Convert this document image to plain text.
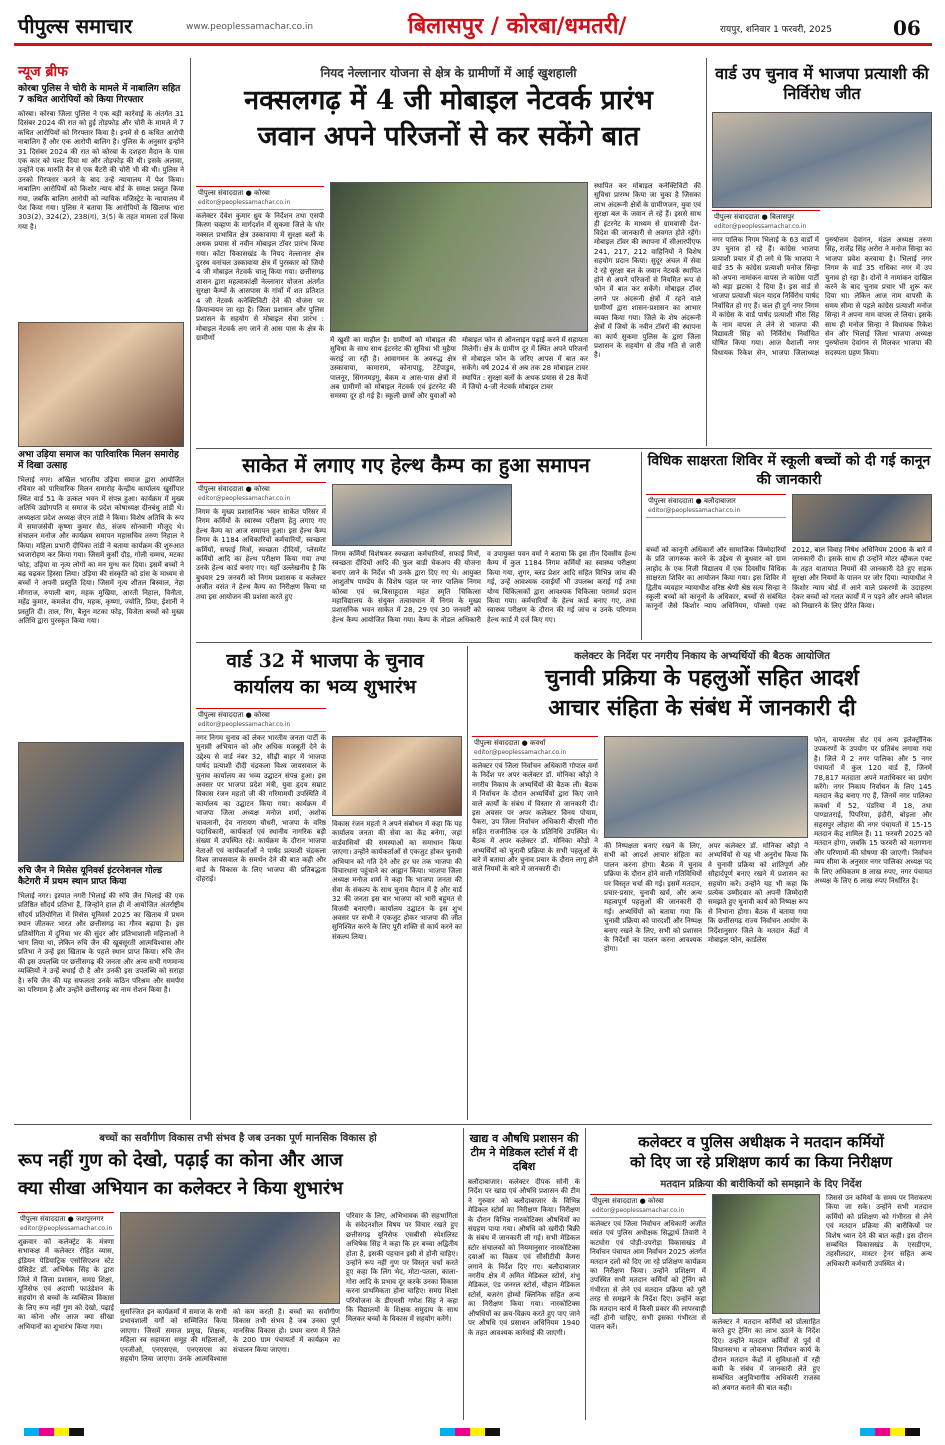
पीपुल्स समाचार	www.peoplessamachar.co.in	बिलासपुर / कोरबा/धमतरी/	रायपुर, शनिवार 1 फरवरी, 2025	06
न्यूज ब्रीफ
कोरबा पुलिस ने चोरी के मामले में नाबालिग सहित 7 कथित आरोपियों को किया गिरफ्तार
कोरबा। कोरबा जिला पुलिस ने एक बड़ी कार्रवाई के अंतर्गत 31 दिसंबर 2024 की रात को हुई तोड़फोड़ और चोरी के मामले में 7 कथित आरोपियों को गिरफ्तार किया है। इनमें से 6 कथित आरोपी नाबालिग हैं और एक आरोपी बालिग है। पुलिस के अनुसार इन्होंने 31 दिसंबर 2024 की रात को कोरबा के दशहरा मैदान के पास एक कार को पलट दिया था और तोड़फोड़ की थी। इसके अलावा, उन्होंने एक मारुति वैन से एक बैटरी की चोरी भी की थी। पुलिस ने उनको गिरफ्तार करने के बाद उन्हें न्यायालय में पेश किया। नाबालिग आरोपियों को किशोर न्याय बोर्ड के समक्ष प्रस्तुत किया गया, जबकि बालिग आरोपी को न्यायिक मजिस्ट्रेट के न्यायालय में पेश किया गया। पुलिस ने बताया कि आरोपियों के खिलाफ धारा 303(2), 324(2), 238(ग), 3(5) के तहत मामला दर्ज किया गया है।
अभा उड़िया समाज का पारिवारिक मिलन समारोह में दिखा उत्साह
भिलाई नगर। अखिल भारतीय उड़िया समाज द्वारा आयोजित रविवार को पारिवारिक मिलन समारोह केन्द्रीय कार्यालय खुर्सीपार स्थित वार्ड 51 के उत्कल भवन में संपन्न हुआ। कार्यक्रम में मुख्य अतिथि उद्योगपति व समाज के प्रदेश कोषाध्यक्ष दीनबंधु तांडी थे। अध्यक्षता प्रदेश अध्यक्ष जेएन तांडी ने किया। विशेष अतिथि के रूप में समाजसेवी कृष्णा कुमार सेठ, संजय सोनवानी मौजूद थे। संचालन मनोज और कार्यक्रम समापन महासचिव तरुण निहाल ने किया। महिला प्रभारी दीपिका तांडी ने बताया कार्यक्रम की शुरुआत ध्वजारोहण कर किया गया। जिसमें कुर्सी दौड़, गोली चम्मच, मटका फोड़, उड़िया वा नृत्य लोगों का मन मुग्ध कर दिया। इसमें बच्चों ने बढ़ चढ़कर हिस्सा लिया। उड़िया की संस्कृति को डांस के माध्यम से बच्चों ने अपनी प्रस्तुति दिया। जिसमें नृत्य शीतल बिस्वाल, नेहा मोंगराज, रुपाली बाग, महक मुखिया, आरती निहाल, विनीता, महेंद्र कुमार, कमलेश दीप, महक, कृष्णा, ज्योति, प्रिया, ईशानी ने प्रस्तुति दी। ताल, रिंग, बैलून मटका फोड़, विजेता बच्चों को मुख्य अतिथि द्वारा पुरस्कृत किया गया।
रुचि जैन ने मिसेस यूनिवर्स इंटरनेशनल गोल्ड कैटेगरी में प्रथम स्थान प्राप्त किया
भिलाई नगर। इस्पात नगरी भिलाई की रुचि जैन भिलाई की एक प्रतिष्ठित सौंदर्य प्रतिभा हैं, जिन्होंने हाल ही में आयोजित अंतर्राष्ट्रीय सौंदर्य प्रतियोगिता में मिसेस यूनिवर्स 2025 का खिताब में प्रथम स्थान जीतकर भारत और छत्तीसगढ़ का गौरव बढ़ाया है। इस प्रतियोगिता में दुनिया भर की सुंदर और प्रतिभाशाली महिलाओं ने भाग लिया था, लेकिन रुचि जैन की खूबसूरती आत्मविश्वास और प्रतिभा ने उन्हें इस खिताब के पहले स्थान प्राप्त किया। रुचि जैन की इस उपलब्धि पर छत्तीसगढ़ की जनता और अन्य सभी गणमान्य व्यक्तियों ने उन्हें बधाई दी है और उनकी इस उपलब्धि को सराहा है। रुचि जैन की यह सफलता उनके कठिन परिश्रम और समर्पण का परिणाम है और उन्होंने छत्तीसगढ़ का नाम रोशन किया है।
नियद नेल्लानार योजना से क्षेत्र के ग्रामीणों में आई खुशहाली
नक्सलगढ़ में 4 जी मोबाइल नेटवर्क प्रारंभ
जवान अपने परिजनों से कर सकेंगे बात
पीपुल्स संवाददाता ● कोरबा
editor@peoplessamachar.co.in
कलेक्टर देवेश कुमार ध्रुव के निर्देशन तथा एसपी किरण चव्हाण के मार्गदर्शन में सुकमा जिले के घोर नक्सल प्रभावित क्षेत्र उस्कावाया में सुरक्षा बलों के अथक प्रयास से नवीन मोबाइल टॉवर प्रारंभ किया गया। कोंटा विकासखंड के नियद नेल्लानार क्षेत्र दुरस्थ वनांचल उस्कावाया क्षेत्र में पुरस्कार को जियो 4 जी मोबाइल नेटवर्क चालू किया गया। छत्तीसगढ़ शासन द्वारा महत्वाकांक्षी नेल्लानार योजना अंतर्गत सुरक्षा कैम्पों के आसपास के गांवों में शत प्रतिशत 4 जी नेटवर्क कनेक्टिविटी देने की योजना पर क्रियान्वयन जा रहा है। जिला प्रशासन और पुलिस प्रशासन के सहयोग से मोबाइल सेवा प्रारंभ : मोबाइल नेटवर्क लग जाने से आस पास के क्षेत्र के ग्रामीणों	में खुशी का माहौल है। ग्रामीणों को मोबाइल की सुविधा के साथ साथ इंटरनेट की सुविधा भी मुहैया कराई जा रही है। आवागमन के अवरुद्ध क्षेत्र उस्कावाया, कामाराम, कोनापाडु, टेटेंपाडुम, पालनूर, सिंगनमड़गु, बेकम व आस-पास क्षेत्रों में अब ग्रामीणों को मोबाइल नेटवर्क एवं इंटरनेट की समस्या दूर हो गई है। स्कूली छात्रों और युवाओं को मोबाइल फोन से ऑनलाइन पढ़ाई करने में सहायता मिलेगी। क्षेत्र के ग्रामीण दूर में स्थित अपने परिजनों से मोबाइल फोन के जरिए आपस में बात कर सकेंगे। वर्ष 2024 से अब तक 28 मोबाइल टावर स्थापित : सुरक्षा बलों के अथक प्रयास से 28 कैंपों में जियो 4-जी नेटवर्क मोबाइल टावर
स्थापित कर मोबाइल कनेक्टिविटी की सुविधा प्रारम्भ किया जा चुका है जिसका लाभ अंदरूनी क्षेत्रों के ग्रामीणजन, युवा एवं सुरक्षा बल के जवान ले रहे हैं। इससे साथ ही इंटरनेट के माध्यम से ग्रामवासी देश-विदेश की जानकारी से अवगत होते रहेंगे। मोबाइल टॉवर की स्थापना में सीआरपीएफ 241, 217, 212 वाहिनियों ने विशेष सहयोग प्रदान किया। सुदूर अंचल में सेवा दे रहे सुरक्षा बल के जवान नेटवर्क स्थापित होने से अपने परिजनों से नियमित रूप से फोन में बात कर सकेंगे। मोबाइल टॉवर लगने पर अंदरूनी क्षेत्रों में रहने वाले ग्रामीणों द्वारा शासन-प्रशासन का आभार व्यक्त किया गया। जिले के शेष अंदरूनी क्षेत्रों में जियो के नवीन टॉवरों की स्थापना का कार्य सुकमा पुलिस के द्वारा जिला प्रशासन के सहयोग से तीव्र गति से जारी है।
वार्ड उप चुनाव में भाजपा प्रत्याशी की निर्विरोध जीत
पीपुल्स संवाददाता ● बिलासपुर
editor@peoplessamachar.co.in
नगर पालिक निगम भिलाई के 63 वार्डों में उप चुनाव हो रहे हैं। कांग्रेस भाजपा प्रत्याशी प्रचार में ही लगे थे कि भाजपा ने वार्ड 35 के कांग्रेस प्रत्याशी मनोज सिन्हा को अपना नामांकन वापस ले कांग्रेस पार्टी को बड़ा झटका दे दिया है। इस वार्ड से भाजपा प्रत्याशी चंदन यादव निर्विरोध पार्षद निर्वाचित हो गए हैं। कल ही दुर्ग नगर निगम में कांग्रेस के वार्ड पार्षद प्रत्याशी मीरा सिंह के नाम वापस ले लेने से भाजपा की विद्यावती सिंह को निर्विरोध निर्वाचित घोषित किया गया। आज वैशाली नगर विधायक रिकेश सेन, भाजपा जिलाध्यक्ष पुरुषोत्तम देवांगन, मंडल अध्यक्ष तरुण सिंह, राजेंद्र सिंह अरोरा ने मनोज सिन्हा का भाजपा प्रवेश करवाया है। भिलाई नगर निगम के वार्ड 35 राधिका नगर में उप चुनाव हो रहा है। दोनों ने नामांकन दाखिल करने के बाद चुनाव प्रचार भी शुरू कर दिया था। लेकिन आज नाम वापसी के समय सीमा से पहले कांग्रेस प्रत्याशी मनोज सिन्हा ने अपना नाम वापस ले लिया। इसके साथ ही मनोज सिन्हा ने विधायक रिकेश सेन और भिलाई जिला भाजपा अध्यक्ष पुरुषोत्तम देवांगन से मिलकर भाजपा की सदस्यता ग्रहण किया।
साकेत में लगाए गए हेल्थ कैम्प का हुआ समापन
पीपुल्स संवाददाता ● कोरबा
editor@peoplessamachar.co.in
निगम के मुख्य प्रशासनिक भवन साकेत परिसर में निगम कर्मियों के स्वास्थ्य परीक्षण हेतु लगाए गए हेल्थ कैम्प का आज समापन हुआ। इस हेल्थ कैम्प निगम के 1184 अधिकारियों कर्मचारियों, स्वच्छता कर्मियों, सफाई मित्रों, स्वच्छता दीदियों, प्लेसमेंट कर्मियों आदि का हेल्थ परीक्षण किया गया तथा उनके हेल्थ कार्ड बनाए गए। यहाँ उल्लेखनीय है कि बुधवार 29 जनवरी को निगम प्रशासक व कलेक्टर अजीत वसंत ने हेल्थ कैम्प का निरीक्षण किया था तथा इस आयोजन की प्रशंसा करते हुए
निगम कर्मियों विशेषकर स्वच्छता कर्मचारियों, सफाई मित्रों, स्वच्छता दीदियों आदि की फुल बाडी चेकअप की योजना बनाए जाने के निर्देश भी उनके द्वारा दिए गए थे। आयुक्त आशुतोष पाण्डेय के विशेष पहल पर नगर पालिक निगम कोरबा एवं स्व.बिसाहूदास महंत स्मृति चिकित्सा महाविद्यालय के संयुक्त तत्वावधान में निगम के मुख्य प्रशासनिक भवन साकेत में 28, 29 एवं 30 जनवरी को हेल्थ कैम्प आयोजित किया गया। कैम्प के नोडल अधिकारी व उपायुक्त पवन वर्मा ने बताया कि इस तीन दिवसीय हेल्थ कैम्प में कुल 1184 निगम कर्मियों का स्वास्थ्य परीक्षण किया गया, शुगर, ब्लड प्रेशर आदि सहित विभिन्न जांच की गई, उन्हें आवश्यक दवाईयाँ भी उपलब्ध कराई गई तथा योग्य चिकित्सकों द्वारा आवश्यक चिकित्सा परामर्श प्रदान किया गया। कर्मचारियों के हेल्थ कार्ड बनाए गए, तथा स्वास्थ्य परीक्षण के दौरान की गई जांच व उनके परिणाम हेल्थ कार्ड में दर्ज किए गए।
विधिक साक्षरता शिविर में स्कूली बच्चों को दी गई कानून की जानकारी
पीपुल्स संवाददाता ● बलौदाबाजार
editor@peoplessamachar.co.in
बच्चों को कानूनी अधिकारों और सामाजिक जिम्मेदारियों के प्रति जागरूक करने के उद्देश्य से बुधवार को ग्राम लाहोद के एक निजी विद्यालय में एक दिवसीय विधिक साक्षरता शिविर का आयोजन किया गया। इस शिविर में द्वितीय व्यवहार न्यायाधीश वरिष्ठ श्रेणी श्रेष्ठ सत्य सिन्हा ने स्कूली बच्चों को कानूनों के अधिकार, बच्चों से संबंधित कानूनों जैसे किशोर न्याय अधिनियम, पॉक्सो एक्ट 2012, बाल विवाह निषेध अधिनियम 2006 के बारे में जानकारी दी। इसके साथ ही उन्होंने मोटर व्हीकल एक्ट के तहत यातायात नियमों की जानकारी देते हुए सड़क सुरक्षा और नियमों के पालन पर जोर दिया। न्यायाधीश ने किशोर न्याय बोर्ड में आने वाले प्रकरणों के उदाहरण देकर बच्चों को गलत कार्यों में न पड़ने और अपने कौशल को निखारने के लिए प्रेरित किया।
वार्ड 32 में भाजपा के चुनाव कार्यालय का भव्य शुभारंभ
पीपुल्स संवाददाता ● कोरबा
editor@peoplessamachar.co.in
नगर निगम चुनाव को लेकर भारतीय जनता पार्टी के चुनावी अभियान को और अधिक मजबूती देने के उद्देश्य से वार्ड नंबर 32, सीढ़ी बाहर में भाजपा पार्षद प्रत्याशी दीदी चंद्रकला विश्व जायसवाल के चुनाव कार्यालय का भव्य उद्घाटन संपन्न हुआ। इस अवसर पर भाजपा प्रदेश मंत्री, युवा हृदय सम्राट विकास रंजन महतो जी की गरिमामयी उपस्थिति में कार्यालय का उद्घाटन किया गया। कार्यक्रम में भाजपा जिला अध्यक्ष मनोज शर्मा, अशोक चावलानी, देव नारायण चौधरी, भाजपा के वरिष्ठ पदाधिकारी, कार्यकर्ता एवं स्थानीय नागरिक बड़ी संख्या में उपस्थित रहे। कार्यक्रम के दौरान भाजपा नेताओं एवं कार्यकर्ताओं ने पार्षद प्रत्याशी चंद्रकला विश्व जायसवाल के समर्थन देने की बात कही और वार्ड के विकास के लिए भाजपा की प्रतिबद्धता दोहराई।
विकास रंजन महतो ने अपने संबोधन में कहा कि यह कार्यालय जनता की सेवा का केंद्र बनेगा, जहां वार्डवासियों की समस्याओं का समाधान किया जाएगा। उन्होंने कार्यकर्ताओं से एकजुट होकर चुनावी अभियान को गति देने और हर घर तक भाजपा की विचारधारा पहुंचाने का आह्वान किया। भाजपा जिला अध्यक्ष मनोज शर्मा ने कहा कि भाजपा जनता की सेवा के संकल्प के साथ चुनाव मैदान में है और वार्ड 32 की जनता इस बार भाजपा को भारी बहुमत से विजयी बनाएगी। कार्यालय उद्घाटन के इस शुभ अवसर पर सभी ने एकजुट होकर भाजपा की जीत सुनिश्चित करने के लिए पूरी शक्ति से कार्य करने का संकल्प लिया।
कलेक्टर के निर्देश पर नगरीय निकाय के अभ्यर्थियों की बैठक आयोजित
चुनावी प्रक्रिया के पहलुओं सहित आदर्श
आचार संहिता के संबंध में जानकारी दी
पीपुल्स संवाददाता ● कवर्धा
editor@peoplessamachar.co.in
कलेक्टर एवं जिला निर्वाचन अधिकारी गोपाल वर्मा के निर्देश पर अपर कलेक्टर डॉ. मोनिका कौड़ो ने नगरीय निकाय के अभ्यर्थियों की बैठक ली। बैठक में निर्वाचन के दौरान अभ्यर्थियों द्वारा किए जाने वाले कार्यों के संबंध में विस्तार से जानकारी दी। इस अवसर पर अपर कलेक्टर विनय पोयाम, पैकरा, उप जिला निर्वाचन अधिकारी बीएसी गौरा सहित राजनीतिक दल के प्रतिनिधि उपस्थित थे। बैठक में अपर कलेक्टर डॉ. मोनिका कौड़ो ने अभ्यर्थियों को चुनावी प्रक्रिया के सभी पहलुओं के बारे में बताया और चुनाव प्रचार के दौरान लागू होने वाले नियमों के बारे में जानकारी दी।
की निष्पक्षता बनाए रखने के लिए, सभी को आदर्श आचार संहिता का पालन करना होगा। बैठक में चुनाव प्रक्रिया के दौरान होने वाली गतिविधियों पर विस्तृत चर्चा की गई। इसमें मतदान, प्रचार-प्रसार, चुनावी खर्च, और अन्य महत्वपूर्ण पहलुओं की जानकारी दी गई। अभ्यर्थियों को बताया गया कि चुनावी प्रक्रिया को पारदर्शी और निष्पक्ष बनाए रखने के लिए, सभी को प्रशासन के निर्देशों का पालन करना आवश्यक होगा।
अपर कलेक्टर डॉ. मोनिका कौड़ो ने अभ्यर्थियों से यह भी अनुरोध किया कि वे चुनावी प्रक्रिया को शांतिपूर्ण और सौहार्दपूर्ण बनाए रखने में प्रशासन का सहयोग करें। उन्होंने यह भी कहा कि प्रत्येक उम्मीदवार को अपनी जिम्मेदारी समझते हुए चुनावी कार्य को निष्पक्ष रूप से निभाना होगा। बैठक में बताया गया कि छत्तीसगढ़ राज्य निर्वाचन आयोग के निर्देशानुसार जिले के मतदान केंद्रों में मोबाइल फोन, कार्डलेस
फोन, वायरलेस सेट एवं अन्य इलेक्ट्रॉनिक उपकरणों के उपयोग पर प्रतिबंध लगाया गया है। जिले में 2 नगर पालिका और 5 नगर पंचायतों में कुल 120 वार्ड हैं, जिनमें 78,817 मतदाता अपने मताधिकार का प्रयोग करेंगे। नगर निकाय निर्वाचन के लिए 145 मतदान केंद्र बनाए गए हैं, जिनमें नगर पालिका कवर्धा में 52, पंडरिया में 18, तथा पाण्डातराई, पिपरिया, इंदौरी, बोड़ला और सहसपुर लोहारा की नगर पंचायतों में 15-15 मतदान केंद्र शामिल हैं। 11 फरवरी 2025 को मतदान होगा, जबकि 15 फरवरी को मतगणना और परिणामों की घोषणा की जाएगी। निर्वाचन व्यय सीमा के अनुसार नगर पालिका अध्यक्ष पद के लिए अधिकतम 8 लाख रुपए, नगर पंचायत अध्यक्ष के लिए 6 लाख रुपए निर्धारित है।
बच्चों का सर्वांगीण विकास तभी संभव है जब उनका पूर्ण मानसिक विकास हो
रूप नहीं गुण को देखो, पढ़ाई का कोना और आज
क्या सीखा अभियान का कलेक्टर ने किया शुभारंभ
पीपुल्स संवाददाता ● जशपुरनगर
editor@peoplessamachar.co.in
शुक्रवार को कलेक्ट्रेट के मंत्रणा सभाकक्ष में कलेक्टर रोहित व्यास, इंडियन पेडियाट्रिक एसोसिएशन स्टेट प्रेसिडेंट डॉ. अभिषेक सिंह के द्वारा जिले में जिला प्रशासन, समग्र शिक्षा, यूनिसेफ एवं अदाणी फाउंडेशन के सहयोग से बच्चों के व्यक्तित्व विकास के लिए रूप नहीं गुण को देखो, पढ़ाई का कोना और आज क्या सीखा अभियानों का शुभारंभ किया गया।
सुसज्जित इन कार्यक्रमों में समाज के सभी प्रभावशाली वर्गों को सम्मिलित किया जाएगा। जिसमें समाज प्रमुख, शिक्षक, महिला स्व सहायता समूह की महिलाओं, एनजीओ, एनएसएस, एनएसएस का सहयोग लिया जाएगा। उनके आत्मविश्वास को कम करती है। बच्चों का सर्वांगीण विकास तभी संभव है जब उनका पूर्ण मानसिक विकास हो। प्रथम चरण में जिले के 200 ग्राम पंचायतों में कार्यक्रम का संचालन किया जाएगा।
परिवार के लिए, अभिभावक की सहभागिता के संवेदनशील विषय पर विचार रखते हुए छत्तीसगढ़ यूनिसेफ एसबीसी स्पेशलिस्ट अभिषेक सिंह ने कहा कि हर बच्चा अद्वितीय होता है, इसकी पहचान इसी से होनी चाहिए। उन्होंने रूप नहीं गुण पर विस्तृत चर्चा करते हुए कहा कि लिंग भेद, मोटा-पतला, काला-गोरा आदि के प्रभाव दूर करके उनका विकास करना प्राथमिकता होना चाहिए। समग्र शिक्षा परियोजना के डीएमसी गणेश सिंह ने कहा कि विद्यालयों के शिक्षक समुदाय के साथ मिलकर बच्चों के विकास में सहयोग करेंगे।
खाद्य व औषधि प्रशासन की टीम ने मेडिकल स्टोर्स में दी दबिश
बलौदाबाजार। कलेक्टर दीपक सोनी के निर्देश पर खाद्य एवं औषधि प्रशासन की टीम ने गुरुवार को बलौदाबाजार के विभिन्न मेडिकल स्टोर्स का निरीक्षण किया। निरीक्षण के दौरान विभिन्न नारकोटिक्स औषधियों का संग्रहण पाया गया। औषधि को खरीदी बिक्री के संबंध में जानकारी ली गई। सभी मेडिकल स्टोर संचालकों को नियमानुसार नारकोटिक्स दवाओं का विक्रय एवं सीसीटीवी कैमरा लगाने के निर्देश दिए गए। बलौदाबाजार नगरीय क्षेत्र में अमित मेडिकल स्टोर्स, शंभु मेडिकल, एंड जनरल स्टोर्स, चौहान मेडिकल स्टोर्स, बजरंग होम्यो क्लिनिक सहित अन्य का निरीक्षण किया गया। नारकोटिक्स औषधियों का क्रय-विक्रय करते हुए पाए जाने पर औषधि एवं प्रसाधन अधिनियम 1940 के तहत आवश्यक कार्रवाई की जाएगी।
कलेक्टर व पुलिस अधीक्षक ने मतदान कर्मियों
को दिए जा रहे प्रशिक्षण कार्य का किया निरीक्षण
मतदान प्रक्रिया की बारीकियों को समझाने के दिए निर्देश
पीपुल्स संवाददाता ● कोरबा
editor@peoplessamachar.co.in
कलेक्टर एवं जिला निर्वाचन अधिकारी अजीत वसंत एवं पुलिस अधीक्षक सिद्धार्थ तिवारी ने कटघोरा एवं पोड़ी-उपरोड़ा विकासखंड में निर्वाचन पंचायत आम निर्वाचन 2025 अंतर्गत मतदान दलों को दिए जा रहे प्रशिक्षण कार्यक्रम का निरीक्षण किया। उन्होंने प्रशिक्षण में उपस्थित सभी मतदान कर्मियों को ट्रेनिंग को गंभीरता से लेने एवं मतदान प्रक्रिया को पूरी तरह से समझने के निर्देश दिए। उन्होंने कहा कि मतदान कार्य में किसी प्रकार की लापरवाही नहीं होनी चाहिए, सभी इसका गंभीरता से पालन करें।
कलेक्टर ने मतदान कर्मियों को प्रोत्साहित करते हुए ट्रेनिंग का लाभ उठाने के निर्देश दिए। उन्होंने मतदान कर्मियों से पूर्व में विधानसभा व लोकसभा निर्वाचन कार्य के दौरान मतदान केंद्रों में सुविधाओं में रही कमी के संबंध में जानकारी लेते हुए सम्बंधित अनुविभागीय अधिकारी राजस्व को अवगत कराने की बात कही।
जिससे उन कमियों के समय पर निराकरण किया जा सके। उन्होंने सभी मतदान कर्मियों को प्रशिक्षण को गंभीरता से लेने एवं मतदान प्रक्रिया की बारीकियों पर विशेष ध्यान देने की बात कही। इस दौरान सम्बंधित विकासखंड के एसडीएम, तहसीलदार, मास्टर ट्रेनर सहित अन्य अधिकारी कर्मचारी उपस्थित थे।
